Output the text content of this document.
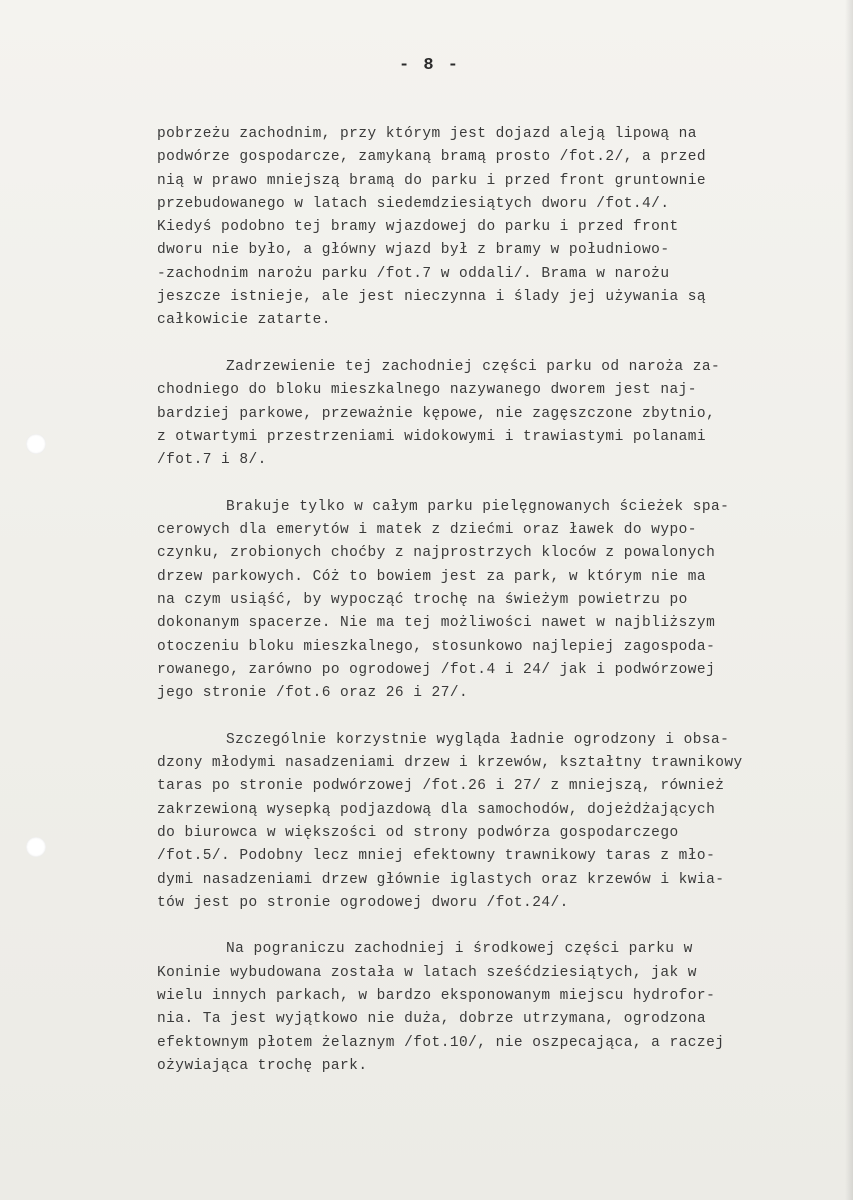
- 8 -

pobrzeżu zachodnim, przy którym jest dojazd aleją lipową na
podwórze gospodarcze, zamykaną bramą prosto /fot.2/, a przed
nią w prawo mniejszą bramą do parku i przed front gruntownie
przebudowanego w latach siedemdziesiątych dworu /fot.4/.
Kiedyś podobno tej bramy wjazdowej do parku i przed front
dworu nie było, a główny wjazd był z bramy w południowo-
-zachodnim narożu parku /fot.7 w oddali/. Brama w narożu
jeszcze istnieje, ale jest nieczynna i ślady jej używania są
całkowicie zatarte.

Zadrzewienie tej zachodniej części parku od naroża za-
chodniego do bloku mieszkalnego nazywanego dworem jest naj-
bardziej parkowe, przeważnie kępowe, nie zagęszczone zbytnio,
z otwartymi przestrzeniami widokowymi i trawiastymi polanami
/fot.7 i 8/.

Brakuje tylko w całym parku pielęgnowanych ścieżek spa-
cerowych dla emerytów i matek z dziećmi oraz ławek do wypo-
czynku, zrobionych choćby z najprostrzych kloców z powalonych
drzew parkowych. Cóż to bowiem jest za park, w którym nie ma
na czym usiąść, by wypocząć trochę na świeżym powietrzu po
dokonanym spacerze. Nie ma tej możliwości nawet w najbliższym
otoczeniu bloku mieszkalnego, stosunkowo najlepiej zagospoda-
rowanego, zarówno po ogrodowej /fot.4 i 24/ jak i podwórzowej
jego stronie /fot.6 oraz 26 i 27/.

Szczególnie korzystnie wygląda ładnie ogrodzony i obsa-
dzony młodymi nasadzeniami drzew i krzewów, kształtny trawnikowy
taras po stronie podwórzowej /fot.26 i 27/ z mniejszą, również
zakrzewioną wysepką podjazdową dla samochodów, dojeżdżających
do biurowca w większości od strony podwórza gospodarczego
/fot.5/. Podobny lecz mniej efektowny trawnikowy taras z mło-
dymi nasadzeniami drzew głównie iglastych oraz krzewów i kwia-
tów jest po stronie ogrodowej dworu /fot.24/.

Na pograniczu zachodniej i środkowej części parku w
Koninie wybudowana została w latach sześćdziesiątych, jak w
wielu innych parkach, w bardzo eksponowanym miejscu hydrofor-
nia. Ta jest wyjątkowo nie duża, dobrze utrzymana, ogrodzona
efektownym płotem żelaznym /fot.10/, nie oszpecająca, a raczej
ożywiająca trochę park.
